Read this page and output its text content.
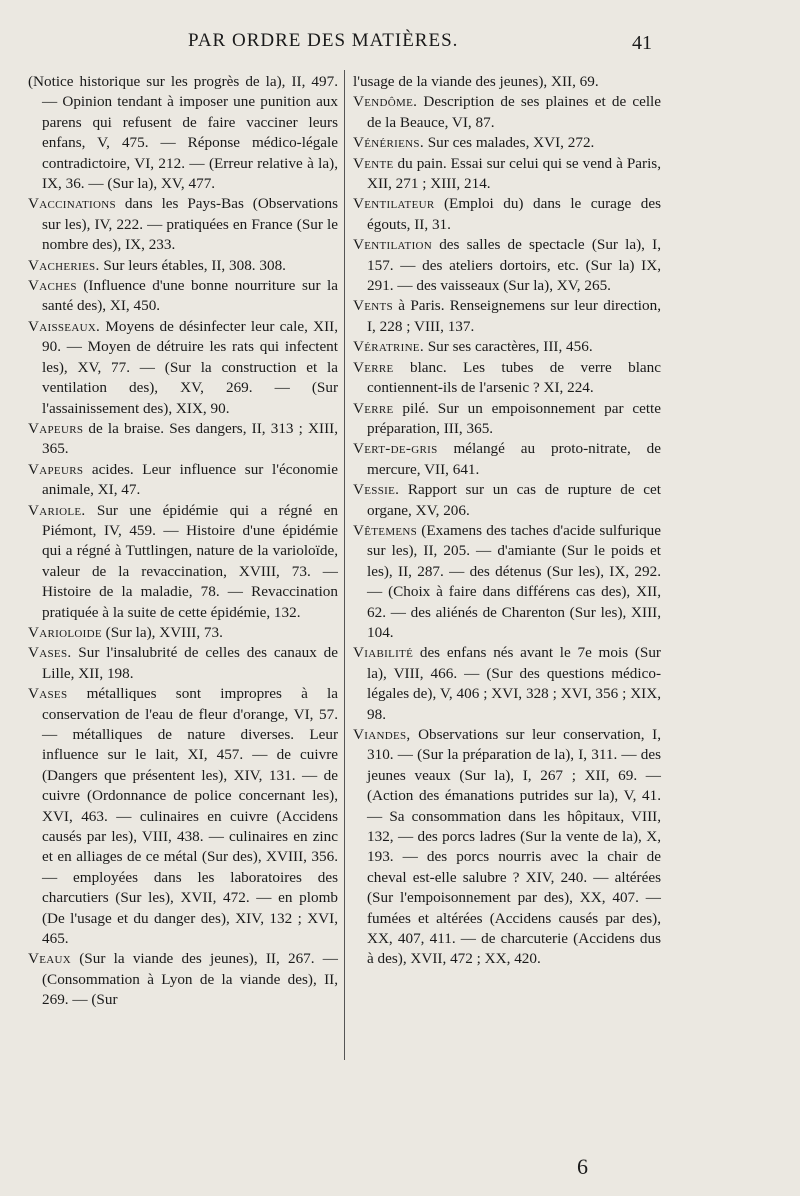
PAR ORDRE DES MATIÈRES.	41

(Notice historique sur les progrès de la), II, 497. — Opinion tendant à imposer une punition aux parens qui refusent de faire vacciner leurs enfans, V, 475. — Réponse médico-légale contradictoire, VI, 212. — (Erreur relative à la), IX, 36. — (Sur la), XV, 477.

Vaccinations dans les Pays-Bas (Observations sur les), IV, 222. — pratiquées en France (Sur le nombre des), IX, 233.

Vacheries. Sur leurs étables, II, 308. 308.

Vaches (Influence d'une bonne nourriture sur la santé des), XI, 450.

Vaisseaux. Moyens de désinfecter leur cale, XII, 90. — Moyen de détruire les rats qui infectent les), XV, 77. — (Sur la construction et la ventilation des), XV, 269. — (Sur l'assainissement des), XIX, 90.

Vapeurs de la braise. Ses dangers, II, 313 ; XIII, 365.

Vapeurs acides. Leur influence sur l'économie animale, XI, 47.

Variole. Sur une épidémie qui a régné en Piémont, IV, 459. — Histoire d'une épidémie qui a régné à Tuttlingen, nature de la varioloïde, valeur de la revaccination, XVIII, 73. — Histoire de la maladie, 78. — Revaccination pratiquée à la suite de cette épidémie, 132.

Varioloide (Sur la), XVIII, 73.

Vases. Sur l'insalubrité de celles des canaux de Lille, XII, 198.

Vases métalliques sont impropres à la conservation de l'eau de fleur d'orange, VI, 57. — métalliques de nature diverses. Leur influence sur le lait, XI, 457. — de cuivre (Dangers que présentent les), XIV, 131. — de cuivre (Ordonnance de police concernant les), XVI, 463. — culinaires en cuivre (Accidens causés par les), VIII, 438. — culinaires en zinc et en alliages de ce métal (Sur des), XVIII, 356. — employées dans les laboratoires des charcutiers (Sur les), XVII, 472. — en plomb (De l'usage et du danger des), XIV, 132 ; XVI, 465.

Veaux (Sur la viande des jeunes), II, 267. — (Consommation à Lyon de la viande des), II, 269. — (Sur

l'usage de la viande des jeunes), XII, 69.

Vendôme. Description de ses plaines et de celle de la Beauce, VI, 87.

Vénériens. Sur ces malades, XVI, 272.

Vente du pain. Essai sur celui qui se vend à Paris, XII, 271 ; XIII, 214.

Ventilateur (Emploi du) dans le curage des égouts, II, 31.

Ventilation des salles de spectacle (Sur la), I, 157. — des ateliers dortoirs, etc. (Sur la) IX, 291. — des vaisseaux (Sur la), XV, 265.

Vents à Paris. Renseignemens sur leur direction, I, 228 ; VIII, 137.

Vératrine. Sur ses caractères, III, 456.

Verre blanc. Les tubes de verre blanc contiennent-ils de l'arsenic ? XI, 224.

Verre pilé. Sur un empoisonnement par cette préparation, III, 365.

Vert-de-gris mélangé au proto-nitrate, de mercure, VII, 641.

Vessie. Rapport sur un cas de rupture de cet organe, XV, 206.

Vêtemens (Examens des taches d'acide sulfurique sur les), II, 205. — d'amiante (Sur le poids et les), II, 287. — des détenus (Sur les), IX, 292. — (Choix à faire dans différens cas des), XII, 62. — des aliénés de Charenton (Sur les), XIII, 104.

Viabilité des enfans nés avant le 7e mois (Sur la), VIII, 466. — (Sur des questions médico-légales de), V, 406 ; XVI, 328 ; XVI, 356 ; XIX, 98.

Viandes, Observations sur leur conservation, I, 310. — (Sur la préparation de la), I, 311. — des jeunes veaux (Sur la), I, 267 ; XII, 69. — (Action des émanations putrides sur la), V, 41. — Sa consommation dans les hôpitaux, VIII, 132, — des porcs ladres (Sur la vente de la), X, 193. — des porcs nourris avec la chair de cheval est-elle salubre ? XIV, 240. — altérées (Sur l'empoisonnement par des), XX, 407. — fumées et altérées (Accidens causés par des), XX, 407, 411. — de charcuterie (Accidens dus à des), XVII, 472 ; XX, 420.

6
